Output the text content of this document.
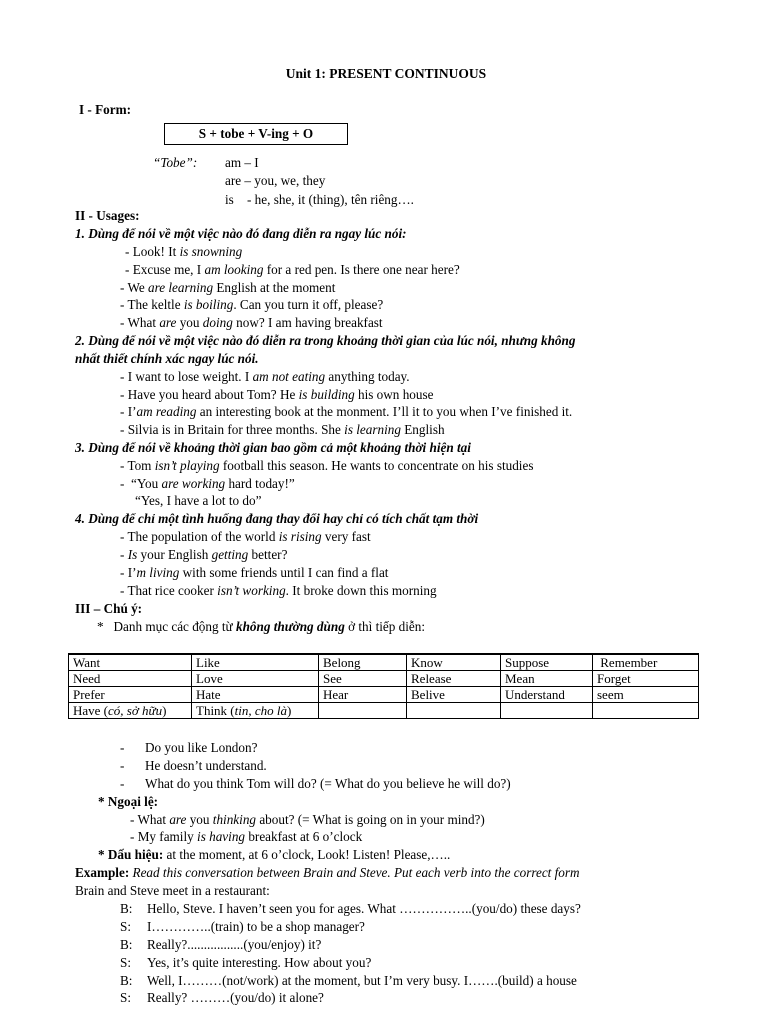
Unit 1: PRESENT CONTINUOUS
I - Form:
S + tobe + V-ing + O
“Tobe”: am – I
are – you, we, they
is    - he, she, it (thing), tên riêng….
II - Usages:
1. Dùng để nói về một việc nào đó đang diễn ra ngay lúc nói:
- Look! It is snowning
- Excuse me, I am looking for a red pen. Is there one near here?
- We are learning English at the moment
- The keltle is boiling. Can you turn it off, please?
- What are you doing now? I am having breakfast
2. Dùng để nói về một việc nào đó diễn ra trong khoảng thời gian của lúc nói, nhưng không
nhất thiết chính xác ngay lúc nói.
- I want to lose weight. I am not eating anything today.
- Have you heard about Tom? He is building his own house
- I’am reading an interesting book at the monment. I’ll it to you when I’ve finished it.
- Silvia is in Britain for three months. She is learning English
3. Dùng để nói về khoảng thời gian bao gồm cả một khoảng thời hiện tại
- Tom isn’t playing football this season. He wants to concentrate on his studies
-  “You are working hard today!”
“Yes, I have a lot to do”
4. Dùng để chỉ một tình huống đang thay đổi hay chỉ có tích chất tạm thời
- The population of the world is rising very fast
- Is your English getting better?
- I’m living with some friends until I can find a flat
- That rice cooker isn’t working. It broke down this morning
III – Chú ý:
*   Danh mục các động từ không thường dùng ở thì tiếp diễn:
Want	Like	Belong	Know	Suppose	Remember
Need	Love	See	Release	Mean	Forget
Prefer	Hate	Hear	Belive	Understand	seem
Have (có, sở hữu)	Think (tin, cho là)				
- Do you like London?
- He doesn’t understand.
- What do you think Tom will do? (= What do you believe he will do?)
* Ngoại lệ:
- What are you thinking about? (= What is going on in your mind?)
- My family is having breakfast at 6 o’clock
* Dấu hiệu: at the moment, at 6 o’clock, Look! Listen! Please,…..
Example: Read this conversation between Brain and Steve. Put each verb into the correct form
Brain and Steve meet in a restaurant:
B: Hello, Steve. I haven’t seen you for ages. What ……………..(you/do) these days?
S: I…………..(train) to be a shop manager?
B: Really?.................(you/enjoy) it?
S: Yes, it’s quite interesting. How about you?
B: Well, I………(not/work) at the moment, but I’m very busy. I…….(build) a house
S: Really? ………(you/do) it alone?
